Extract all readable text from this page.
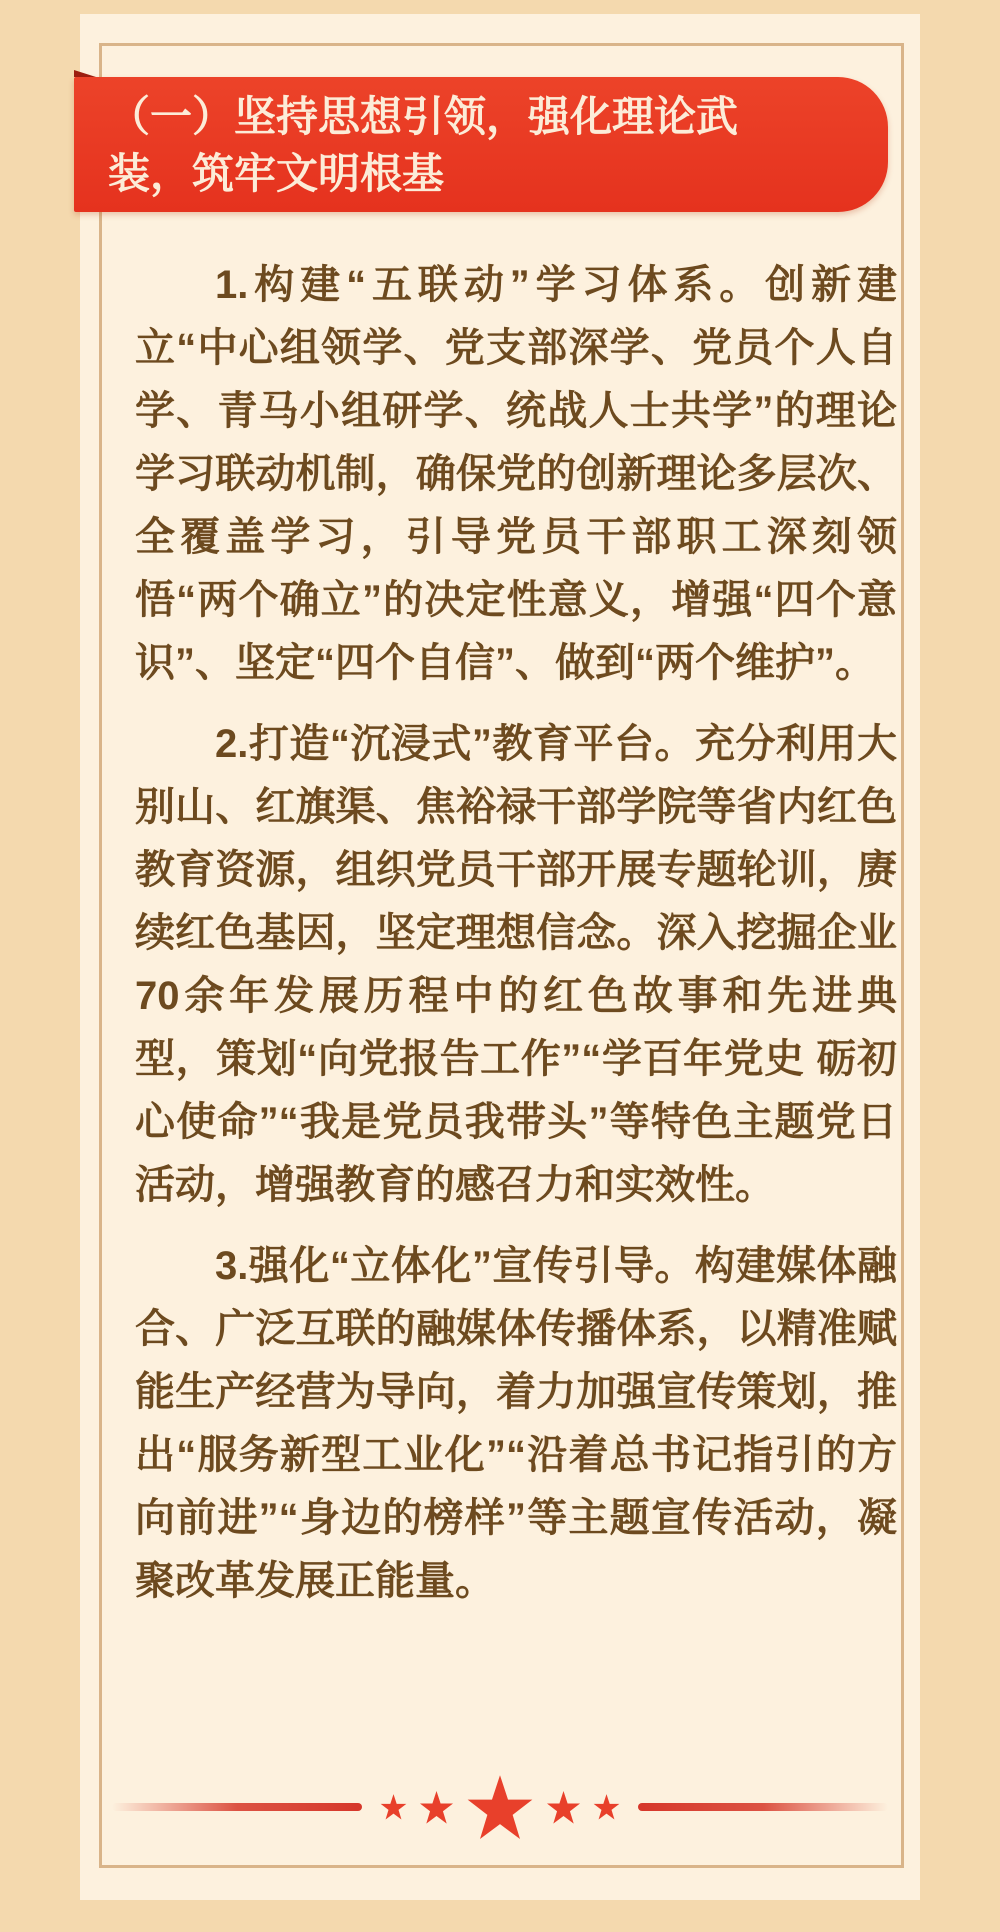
（一）坚持思想引领，强化理论武装，筑牢文明根基

1.构建“五联动”学习体系。创新建立“中心组领学、党支部深学、党员个人自学、青马小组研学、统战人士共学”的理论学习联动机制，确保党的创新理论多层次、全覆盖学习，引导党员干部职工深刻领悟“两个确立”的决定性意义，增强“四个意识”、坚定“四个自信”、做到“两个维护”。

2.打造“沉浸式”教育平台。充分利用大别山、红旗渠、焦裕禄干部学院等省内红色教育资源，组织党员干部开展专题轮训，赓续红色基因，坚定理想信念。深入挖掘企业70余年发展历程中的红色故事和先进典型，策划“向党报告工作”“学百年党史 砺初心使命”“我是党员我带头”等特色主题党日活动，增强教育的感召力和实效性。

3.强化“立体化”宣传引导。构建媒体融合、广泛互联的融媒体传播体系，以精准赋能生产经营为导向，着力加强宣传策划，推出“服务新型工业化”“沿着总书记指引的方向前进”“身边的榜样”等主题宣传活动，凝聚改革发展正能量。
